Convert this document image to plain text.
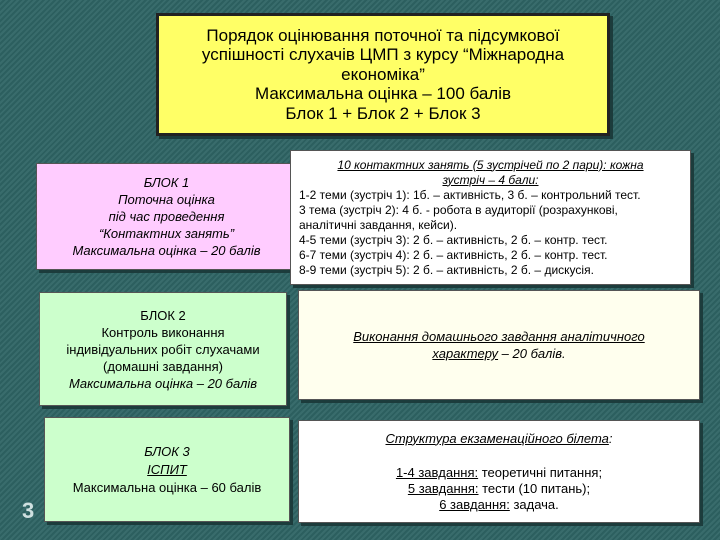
Порядок оцінювання поточної та підсумкової
успішності слухачів ЦМП з курсу “Міжнародна
економіка”
Максимальна оцінка – 100 балів
Блок 1 + Блок 2 + Блок 3
БЛОК 1
Поточна оцінка
під час проведення
“Контактних занять”
Максимальна оцінка – 20 балів
10 контактних занять (5 зустрічей по 2 пари): кожна
зустріч – 4 бали:
1-2 теми (зустріч 1): 1б. – активність, 3 б. – контрольний тест.
3 тема (зустріч 2): 4 б. - робота в аудиторії (розрахункові,
аналітичні завдання, кейси).
4-5 теми (зустріч 3): 2 б. – активність, 2 б. – контр. тест.
6-7 теми (зустріч 4): 2 б. – активність, 2 б. – контр. тест.
8-9 теми (зустріч 5): 2 б. – активність, 2 б. – дискусія.
БЛОК 2
Контроль виконання
індивідуальних робіт слухачами
(домашні завдання)
Максимальна оцінка – 20 балів
Виконання домашнього завдання аналітичного
характеру – 20 балів.
БЛОК 3
ІСПИТ
Максимальна оцінка – 60 балів
Структура екзаменаційного білета:
1-4 завдання: теоретичні питання;
5 завдання: тести (10 питань);
6 завдання: задача.
3
